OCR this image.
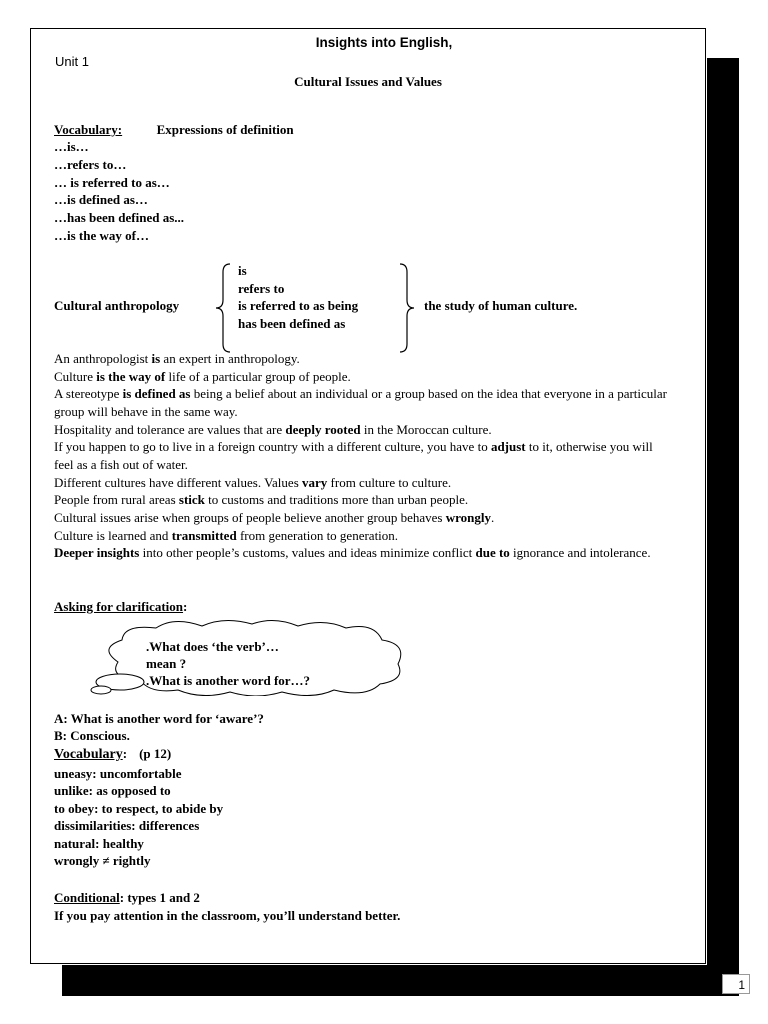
Insights into English,
Unit 1
Cultural Issues and Values
Vocabulary:	Expressions of definition
…is…
…refers to…
… is referred to as…
…is defined as…
…has been defined as...
…is the way of…
Cultural anthropology
is
refers to
is referred to as being
has been defined as
the study of human culture.
An anthropologist is an expert in anthropology.
Culture is the way of life of a particular group of people.
A stereotype is defined as being a belief about an individual or a group based on the idea that everyone in a particular group will behave in the same way.
Hospitality and tolerance are values that are deeply rooted in the Moroccan culture.
If you happen to go to live in a foreign country with a different culture, you have to adjust to it, otherwise you will feel as a fish out of water.
Different cultures have different values. Values vary from culture to culture.
People from rural areas stick to customs and traditions more than urban people.
Cultural issues arise when groups of people believe another group behaves wrongly.
Culture is learned and transmitted from generation to generation.
Deeper insights into other people’s customs, values and ideas minimize conflict due to ignorance and intolerance.
Asking for clarification:
.What does ‘the verb’…
mean ?
.What is another word for…?
A: What is another word for ‘aware’?
B: Conscious.
Vocabulary: (p 12)
uneasy: uncomfortable
unlike: as opposed to
to obey: to respect, to abide by
dissimilarities: differences
natural: healthy
wrongly ≠ rightly
Conditional: types 1 and 2
If you pay attention in the classroom, you’ll understand better.
1
